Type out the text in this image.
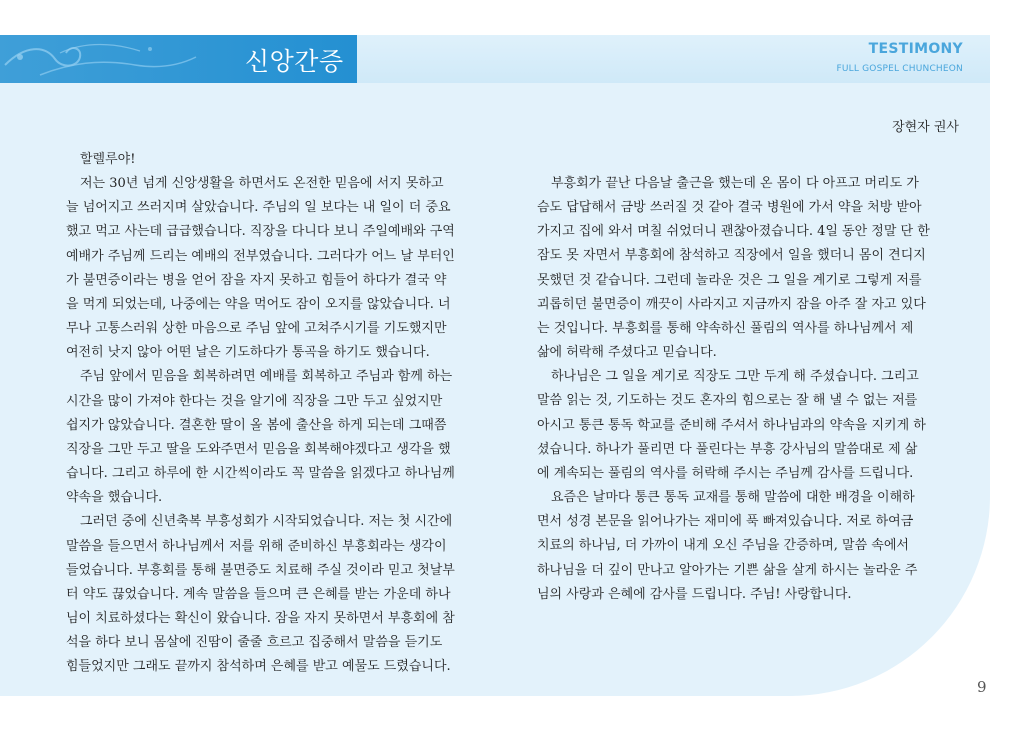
TESTIMONY
FULL GOSPEL CHUNCHEON
신앙간증
장현자 권사
할렐루야!
저는 30년 넘게 신앙생활을 하면서도 온전한 믿음에 서지 못하고
늘 넘어지고 쓰러지며 살았습니다. 주님의 일 보다는 내 일이 더 중요
했고 먹고 사는데 급급했습니다. 직장을 다니다 보니 주일예배와 구역
예배가 주님께 드리는 예배의 전부였습니다. 그러다가 어느 날 부터인
가 불면증이라는 병을 얻어 잠을 자지 못하고 힘들어 하다가 결국 약
을 먹게 되었는데, 나중에는 약을 먹어도 잠이 오지를 않았습니다. 너
무나 고통스러워 상한 마음으로 주님 앞에 고쳐주시기를 기도했지만
여전히 낫지 않아 어떤 날은 기도하다가 통곡을 하기도 했습니다.
주님 앞에서 믿음을 회복하려면 예배를 회복하고 주님과 함께 하는
시간을 많이 가져야 한다는 것을 알기에 직장을 그만 두고 싶었지만
쉽지가 않았습니다. 결혼한 딸이 올 봄에 출산을 하게 되는데 그때쯤
직장을 그만 두고 딸을 도와주면서 믿음을 회복해야겠다고 생각을 했
습니다. 그리고 하루에 한 시간씩이라도 꼭 말씀을 읽겠다고 하나님께
약속을 했습니다.
그러던 중에 신년축복 부흥성회가 시작되었습니다. 저는 첫 시간에
말씀을 들으면서 하나님께서 저를 위해 준비하신 부흥회라는 생각이
들었습니다. 부흥회를 통해 불면증도 치료해 주실 것이라 믿고 첫날부
터 약도 끊었습니다. 계속 말씀을 들으며 큰 은혜를 받는 가운데 하나
님이 치료하셨다는 확신이 왔습니다. 잠을 자지 못하면서 부흥회에 참
석을 하다 보니 몸살에 진땀이 줄줄 흐르고 집중해서 말씀을 듣기도
힘들었지만 그래도 끝까지 참석하며 은혜를 받고 예물도 드렸습니다.
부흥회가 끝난 다음날 출근을 했는데 온 몸이 다 아프고 머리도 가
슴도 답답해서 금방 쓰러질 것 같아 결국 병원에 가서 약을 처방 받아
가지고 집에 와서 며칠 쉬었더니 괜찮아졌습니다. 4일 동안 정말 단 한
잠도 못 자면서 부흥회에 참석하고 직장에서 일을 했더니 몸이 견디지
못했던 것 같습니다. 그런데 놀라운 것은 그 일을 계기로 그렇게 저를
괴롭히던 불면증이 깨끗이 사라지고 지금까지 잠을 아주 잘 자고 있다
는 것입니다. 부흥회를 통해 약속하신 풀림의 역사를 하나님께서 제
삶에 허락해 주셨다고 믿습니다.
하나님은 그 일을 계기로 직장도 그만 두게 해 주셨습니다. 그리고
말씀 읽는 것, 기도하는 것도 혼자의 힘으로는 잘 해 낼 수 없는 저를
아시고 통큰 통독 학교를 준비해 주셔서 하나님과의 약속을 지키게 하
셨습니다. 하나가 풀리면 다 풀린다는 부흥 강사님의 말씀대로 제 삶
에 계속되는 풀림의 역사를 허락해 주시는 주님께 감사를 드립니다.
요즘은 날마다 통큰 통독 교재를 통해 말씀에 대한 배경을 이해하
면서 성경 본문을 읽어나가는 재미에 푹 빠져있습니다. 저로 하여금
치료의 하나님, 더 가까이 내게 오신 주님을 간증하며, 말씀 속에서
하나님을 더 깊이 만나고 알아가는 기쁜 삶을 살게 하시는 놀라운 주
님의 사랑과 은혜에 감사를 드립니다. 주님! 사랑합니다.
9
